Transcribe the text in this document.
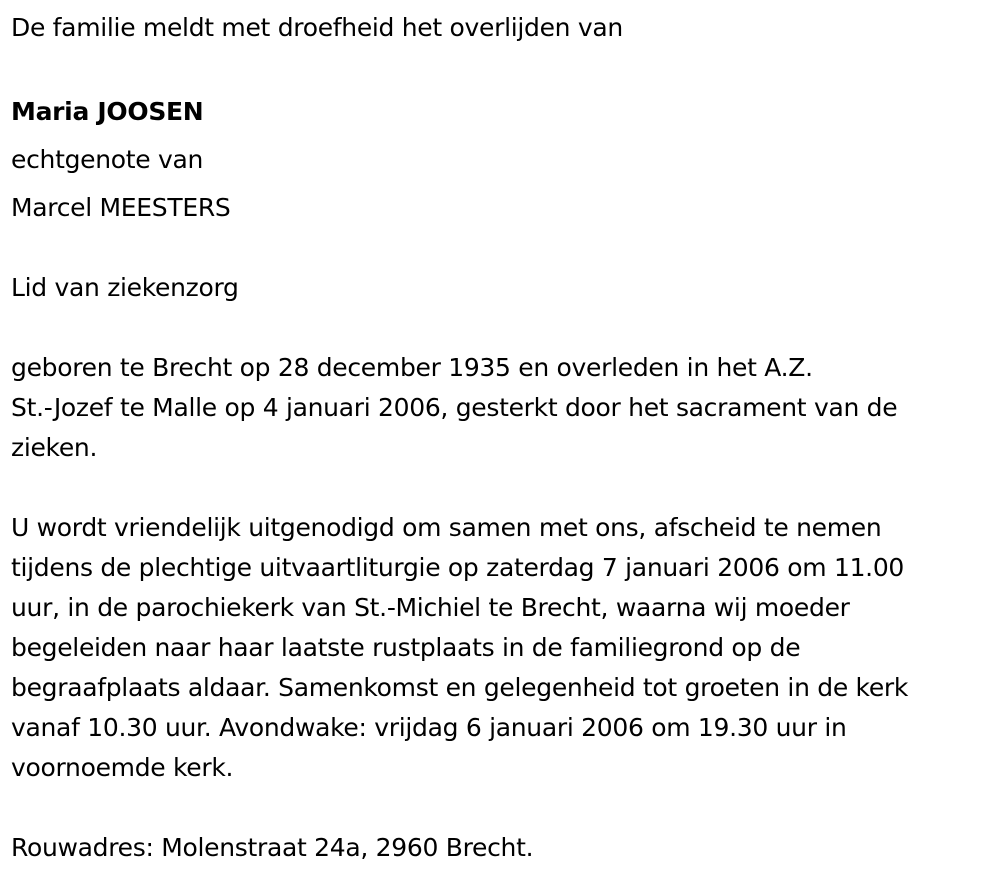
De familie meldt met droefheid het overlijden van
Maria JOOSEN
echtgenote van
Marcel MEESTERS
Lid van ziekenzorg
geboren te Brecht op 28 december 1935 en overleden in het A.Z.
St.-Jozef te Malle op 4 januari 2006, gesterkt door het sacrament van de
zieken.
U wordt vriendelijk uitgenodigd om samen met ons, afscheid te nemen
tijdens de plechtige uitvaartliturgie op zaterdag 7 januari 2006 om 11.00
uur, in de parochiekerk van St.-Michiel te Brecht, waarna wij moeder
begeleiden naar haar laatste rustplaats in de familiegrond op de
begraafplaats aldaar. Samenkomst en gelegenheid tot groeten in de kerk
vanaf 10.30 uur. Avondwake: vrijdag 6 januari 2006 om 19.30 uur in
voornoemde kerk.
Rouwadres: Molenstraat 24a, 2960 Brecht.
